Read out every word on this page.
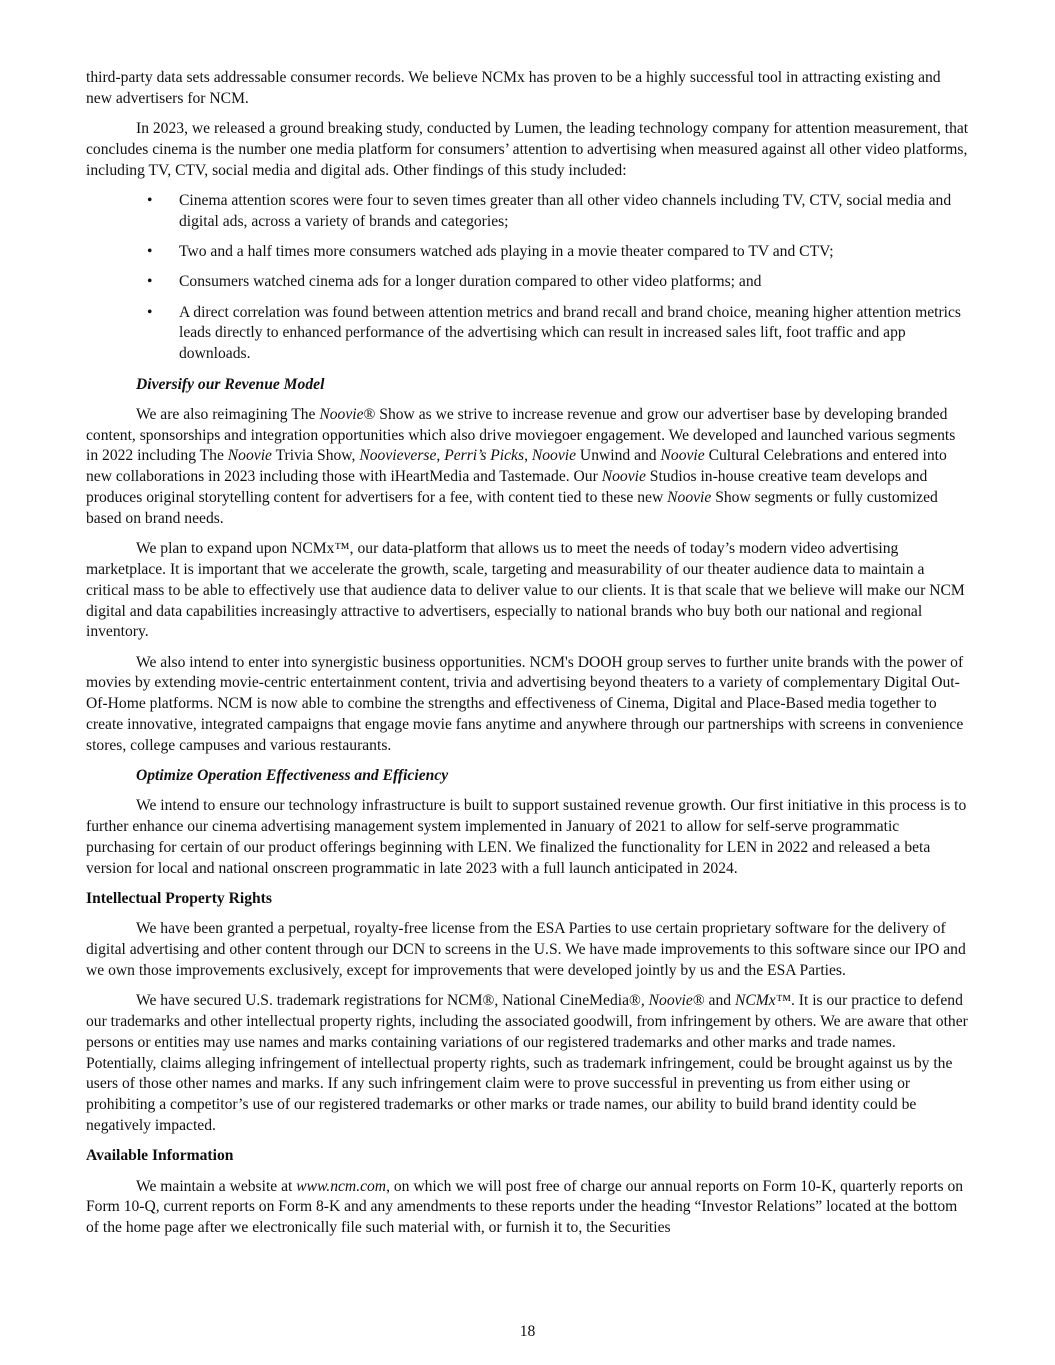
third-party data sets addressable consumer records. We believe NCMx has proven to be a highly successful tool in attracting existing and new advertisers for NCM.

In 2023, we released a ground breaking study, conducted by Lumen, the leading technology company for attention measurement, that concludes cinema is the number one media platform for consumers’ attention to advertising when measured against all other video platforms, including TV, CTV, social media and digital ads. Other findings of this study included:

• Cinema attention scores were four to seven times greater than all other video channels including TV, CTV, social media and digital ads, across a variety of brands and categories;
• Two and a half times more consumers watched ads playing in a movie theater compared to TV and CTV;
• Consumers watched cinema ads for a longer duration compared to other video platforms; and
• A direct correlation was found between attention metrics and brand recall and brand choice, meaning higher attention metrics leads directly to enhanced performance of the advertising which can result in increased sales lift, foot traffic and app downloads.

Diversify our Revenue Model

We are also reimagining The Noovie® Show as we strive to increase revenue and grow our advertiser base by developing branded content, sponsorships and integration opportunities which also drive moviegoer engagement. We developed and launched various segments in 2022 including The Noovie Trivia Show, Noovieverse, Perri’s Picks, Noovie Unwind and Noovie Cultural Celebrations and entered into new collaborations in 2023 including those with iHeartMedia and Tastemade. Our Noovie Studios in-house creative team develops and produces original storytelling content for advertisers for a fee, with content tied to these new Noovie Show segments or fully customized based on brand needs.

We plan to expand upon NCMx™, our data-platform that allows us to meet the needs of today’s modern video advertising marketplace. It is important that we accelerate the growth, scale, targeting and measurability of our theater audience data to maintain a critical mass to be able to effectively use that audience data to deliver value to our clients. It is that scale that we believe will make our NCM digital and data capabilities increasingly attractive to advertisers, especially to national brands who buy both our national and regional inventory.

We also intend to enter into synergistic business opportunities. NCM's DOOH group serves to further unite brands with the power of movies by extending movie-centric entertainment content, trivia and advertising beyond theaters to a variety of complementary Digital Out-Of-Home platforms. NCM is now able to combine the strengths and effectiveness of Cinema, Digital and Place-Based media together to create innovative, integrated campaigns that engage movie fans anytime and anywhere through our partnerships with screens in convenience stores, college campuses and various restaurants.

Optimize Operation Effectiveness and Efficiency

We intend to ensure our technology infrastructure is built to support sustained revenue growth. Our first initiative in this process is to further enhance our cinema advertising management system implemented in January of 2021 to allow for self-serve programmatic purchasing for certain of our product offerings beginning with LEN. We finalized the functionality for LEN in 2022 and released a beta version for local and national onscreen programmatic in late 2023 with a full launch anticipated in 2024.

Intellectual Property Rights

We have been granted a perpetual, royalty-free license from the ESA Parties to use certain proprietary software for the delivery of digital advertising and other content through our DCN to screens in the U.S. We have made improvements to this software since our IPO and we own those improvements exclusively, except for improvements that were developed jointly by us and the ESA Parties.

We have secured U.S. trademark registrations for NCM®, National CineMedia®, Noovie® and NCMx™. It is our practice to defend our trademarks and other intellectual property rights, including the associated goodwill, from infringement by others. We are aware that other persons or entities may use names and marks containing variations of our registered trademarks and other marks and trade names. Potentially, claims alleging infringement of intellectual property rights, such as trademark infringement, could be brought against us by the users of those other names and marks. If any such infringement claim were to prove successful in preventing us from either using or prohibiting a competitor’s use of our registered trademarks or other marks or trade names, our ability to build brand identity could be negatively impacted.

Available Information

We maintain a website at www.ncm.com, on which we will post free of charge our annual reports on Form 10-K, quarterly reports on Form 10-Q, current reports on Form 8-K and any amendments to these reports under the heading “Investor Relations” located at the bottom of the home page after we electronically file such material with, or furnish it to, the Securities

18
